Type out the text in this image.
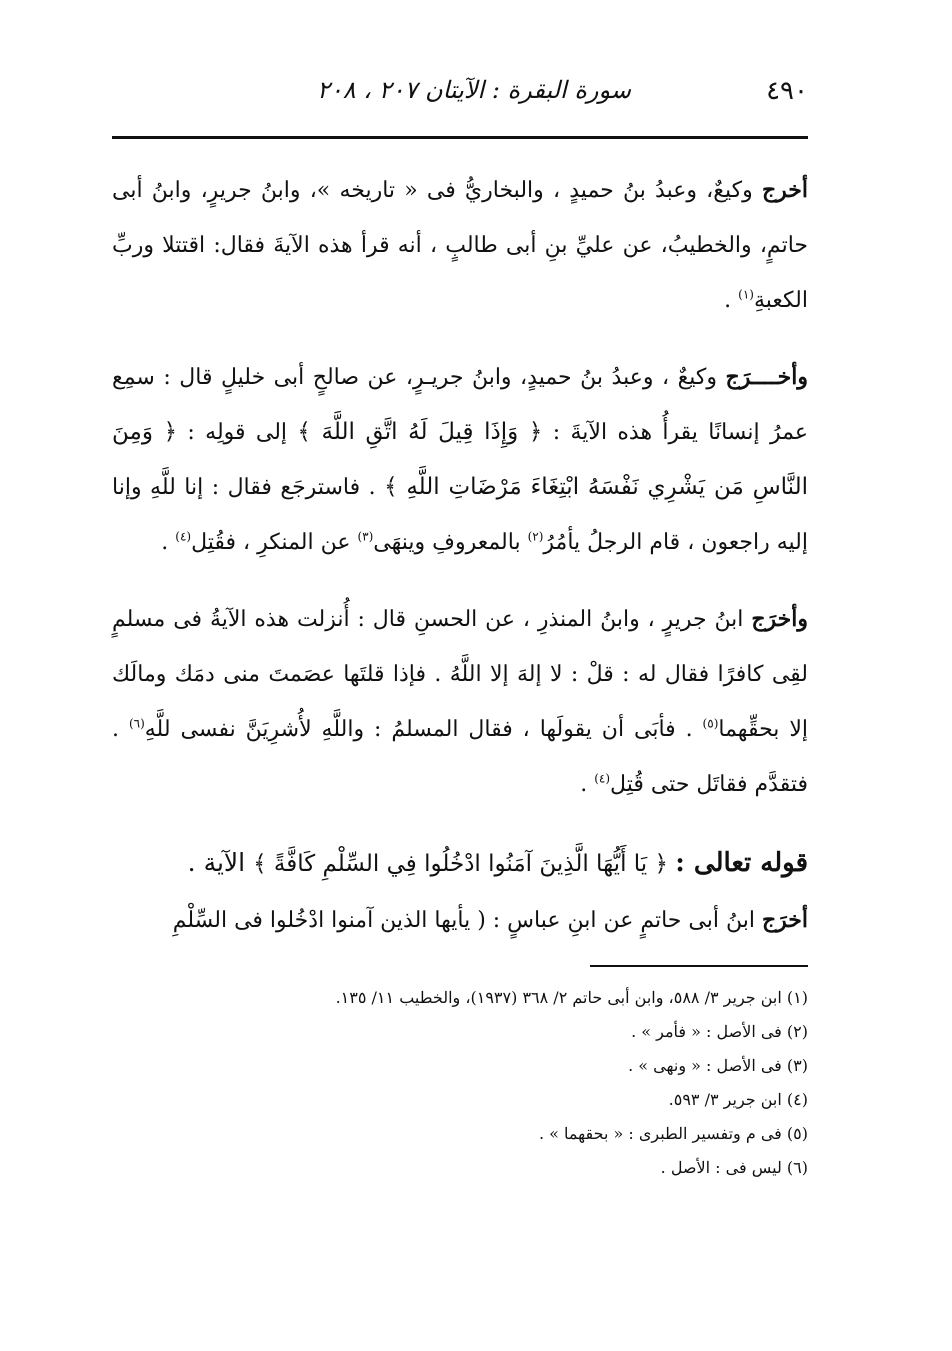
٤٩٠
سورة البقرة : الآيتان ٢٠٧ ، ٢٠٨

أخرج وكيعٌ، وعبدُ بنُ حميدٍ ، والبخاريُّ فى « تاريخه »، وابنُ جريرٍ، وابنُ أبى حاتمٍ، والخطيبُ، عن عليِّ بنِ أبى طالبٍ ، أنه قرأ هذه الآيةَ فقال: اقتتلا وربِّ الكعبةِ$^{(١)}$ .

وأخــــرَج وكيعٌ ، وعبدُ بنُ حميدٍ، وابنُ جريـرٍ، عن صالحٍ أبى خليلٍ قال : سمِع عمرُ إنسانًا يقرأُ هذه الآيةَ : ﴿ وَإِذَا قِيلَ لَهُ اتَّقِ اللَّهَ ﴾ إلى قولِه : ﴿ وَمِنَ النَّاسِ مَن يَشْرِي نَفْسَهُ ابْتِغَاءَ مَرْضَاتِ اللَّهِ ﴾ . فاسترجَع فقال : إنا للَّهِ وإنا إليه راجعون ، قام الرجلُ يأمُرُ$^{(٢)}$ بالمعروفِ وينهَى$^{(٣)}$ عن المنكرِ ، فقُتِل$^{(٤)}$ .

وأخرَج ابنُ جريرٍ ، وابنُ المنذرِ ، عن الحسنِ قال : أُنزلت هذه الآيةُ فى مسلمٍ لقِى كافرًا فقال له : قلْ : لا إلهَ إلا اللَّهُ . فإذا قلتَها عصَمتَ منى دمَك ومالَك إلا بحقِّهما$^{(٥)}$ . فأبَى أن يقولَها ، فقال المسلمُ : واللَّهِ لأُشرِيَنَّ نفسى للَّهِ$^{(٦)}$ . فتقدَّم فقاتَل حتى قُتِل$^{(٤)}$ .

قوله تعالى : ﴿ يَا أَيُّهَا الَّذِينَ آمَنُوا ادْخُلُوا فِي السِّلْمِ كَافَّةً ﴾ الآية .

أخرَج ابنُ أبى حاتمٍ عن ابنِ عباسٍ : ( يأيها الذين آمنوا ادْخُلوا فى السِّلْمِ

(١) ابن جرير ٣/ ٥٨٨، وابن أبى حاتم ٢/ ٣٦٨ (١٩٣٧)، والخطيب ١١/ ١٣٥.

(٢) فى الأصل : « فأمر » .

(٣) فى الأصل : « ونهى » .

(٤) ابن جرير ٣/ ٥٩٣.

(٥) فى م وتفسير الطبرى : « بحقهما » .

(٦) ليس فى : الأصل .
